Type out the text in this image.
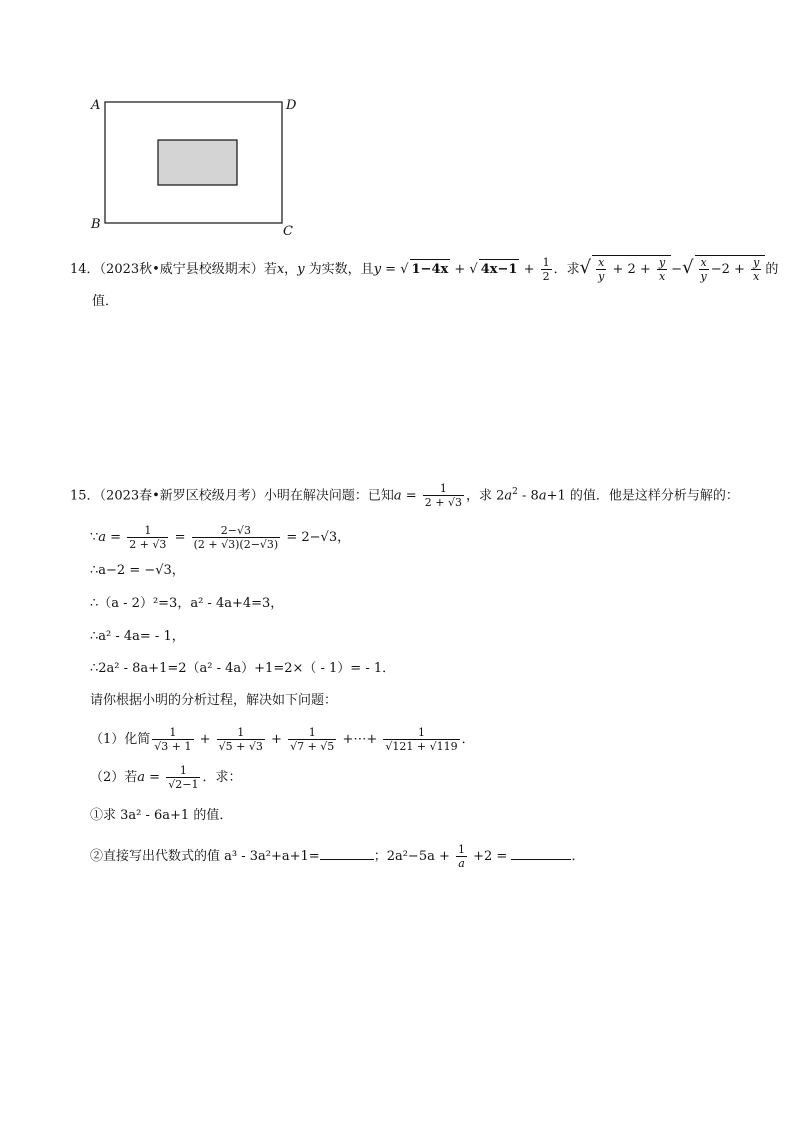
A	D
B	C
14．（2023秋•威宁县校级期末）若x，y 为实数，且y = √ 1−4x + √ $4x-1 + \frac{1}{2}$ ．求√ $\frac{x}{y} + 2 + \frac{y}{x}$ −√ $\frac{x}{y} -2 + \frac{y}{x}$ 的
值．
15．（2023春•新罗区校级月考）小明在解决问题：已知$a = \frac{1}{2 + √3}$ ，求 $2a^2 - 8a+1$ 的值．他是这样分析与解的：
∵a = $\frac{1}{2 + √3} = \frac{2-√3}{(2 + √3)(2-√3)} = 2-√3$，
∴a−2 = −√3，
∴（a - 2）²=3，a² - 4a+4=3，
∴a² - 4a= - 1，
∴2a² - 8a+1=2（a² - 4a）+1=2×（ - 1）= - 1．
请你根据小明的分析过程，解决如下问题：
（1）化简 $\frac{1}{√3 + 1} + \frac{1}{√5 + √3} + \frac{1}{√7 + √5}$ +⋯+ $\frac{1}{√121 + √119}$ ．
（2）若$a = \frac{1}{√2-1}$ ．求：
①求 3a² - 6a+1 的值．
②直接写出代数式的值 a³ - 3a²+a+1=	；$2a^2-5a + \frac{1}{a} +2$ =	．
